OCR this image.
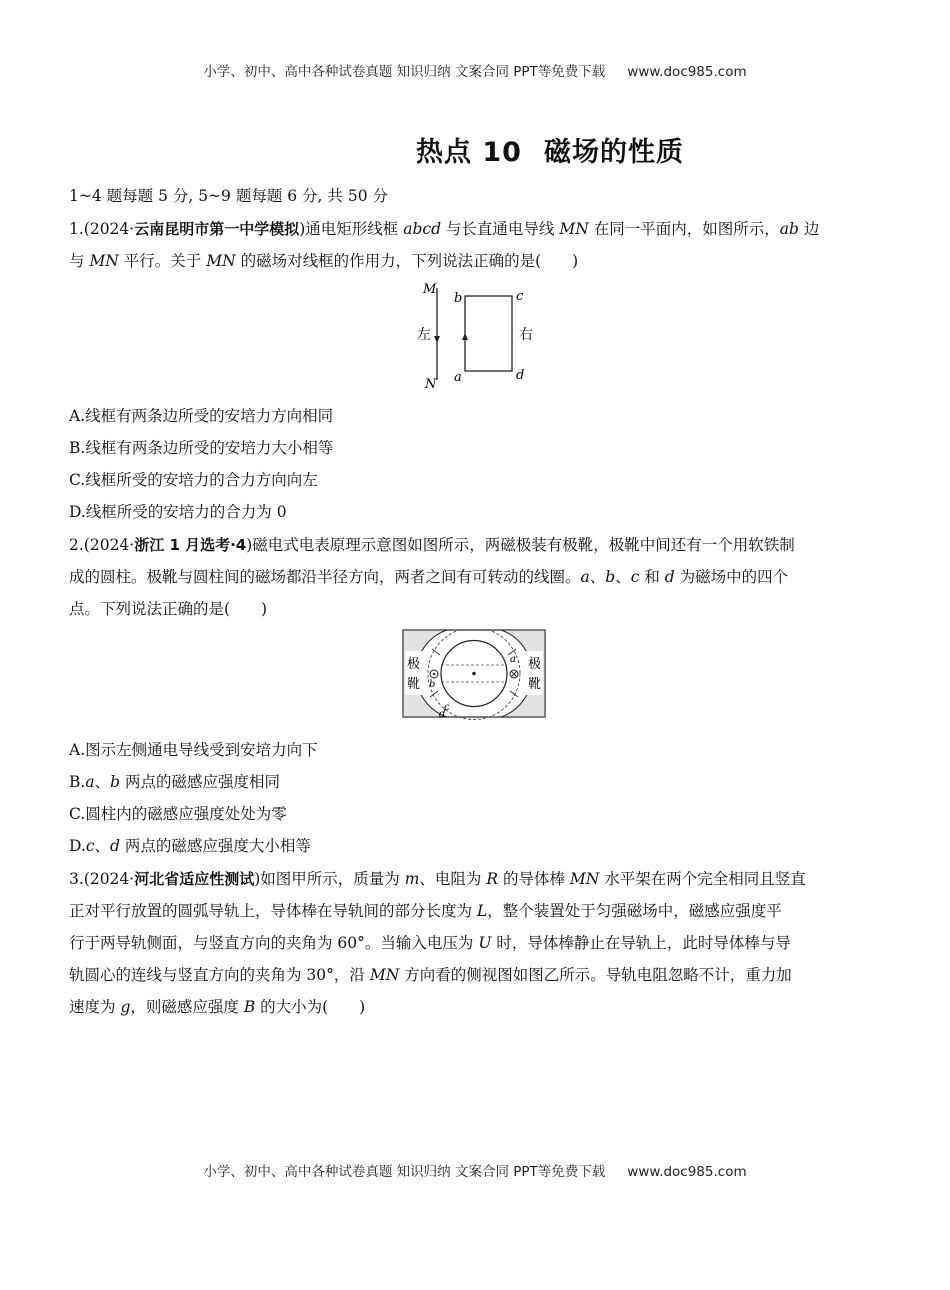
小学、初中、高中各种试卷真题 知识归纳 文案合同 PPT等免费下载 www.doc985.com
热点 10 磁场的性质
1~4 题每题 5 分, 5~9 题每题 6 分, 共 50 分
1.(2024·云南昆明市第一中学模拟)通电矩形线框 abcd 与长直通电导线 MN 在同一平面内，如图所示，ab 边
与 MN 平行。关于 MN 的磁场对线框的作用力，下列说法正确的是(　　)
M
N
左	右
b	c
a	d
A.线框有两条边所受的安培力方向相同
B.线框有两条边所受的安培力大小相等
C.线框所受的安培力的合力方向向左
D.线框所受的安培力的合力为 0
2.(2024·浙江 1 月选考·4)磁电式电表原理示意图如图所示，两磁极装有极靴，极靴中间还有一个用软铁制
成的圆柱。极靴与圆柱间的磁场都沿半径方向，两者之间有可转动的线圈。a、b、c 和 d 为磁场中的四个
点。下列说法正确的是(　　)
极
靴
极
靴
b
a
c
d
A.图示左侧通电导线受到安培力向下
B.a、b 两点的磁感应强度相同
C.圆柱内的磁感应强度处处为零
D.c、d 两点的磁感应强度大小相等
3.(2024·河北省适应性测试)如图甲所示，质量为 m、电阻为 R 的导体棒 MN 水平架在两个完全相同且竖直
正对平行放置的圆弧导轨上，导体棒在导轨间的部分长度为 L，整个装置处于匀强磁场中，磁感应强度平
行于两导轨侧面，与竖直方向的夹角为 60°。当输入电压为 U 时，导体棒静止在导轨上，此时导体棒与导
轨圆心的连线与竖直方向的夹角为 30°，沿 MN 方向看的侧视图如图乙所示。导轨电阻忽略不计，重力加
速度为 g，则磁感应强度 B 的大小为(　　)
小学、初中、高中各种试卷真题 知识归纳 文案合同 PPT等免费下载 www.doc985.com
